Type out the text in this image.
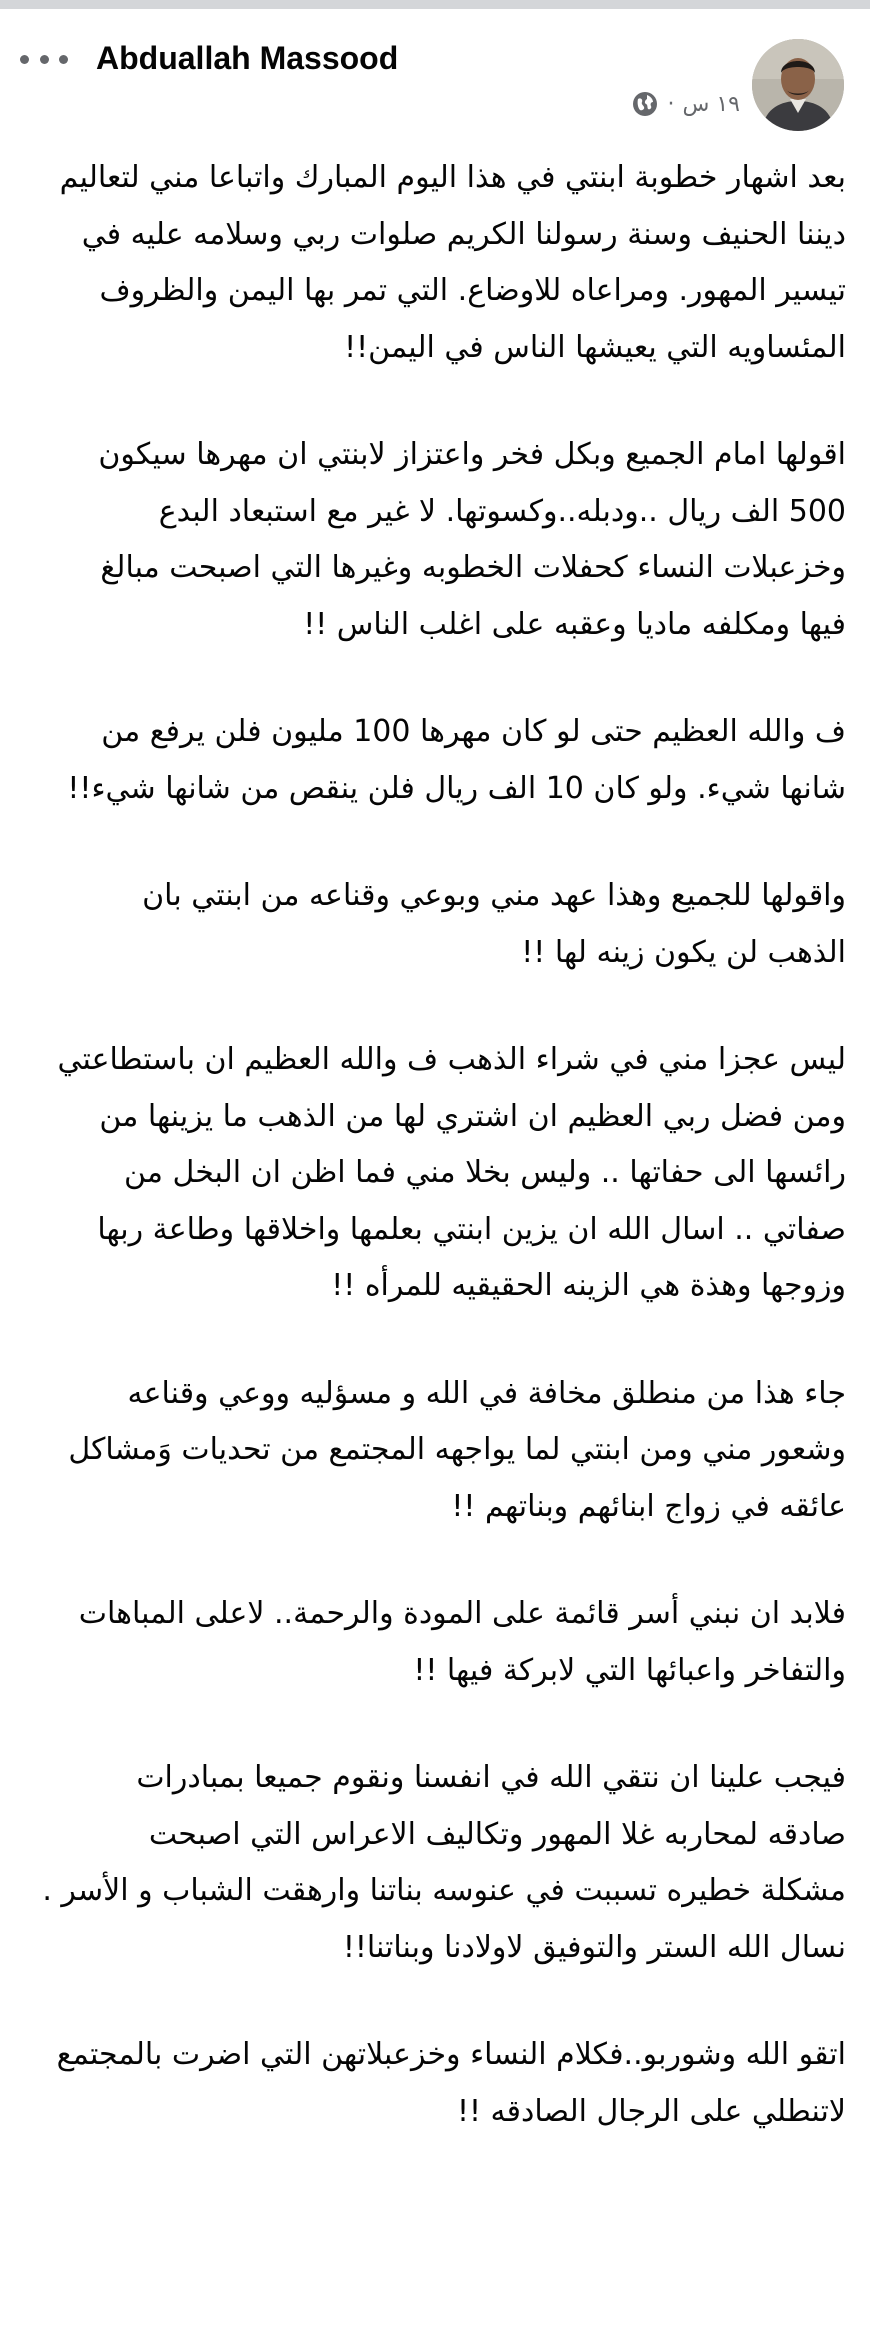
Abduallah Massood
· ١٩ س

بعد اشهار خطوبة ابنتي في هذا اليوم المبارك واتباعا مني لتعاليم
ديننا الحنيف وسنة رسولنا الكريم صلوات ربي وسلامه عليه في
تيسير المهور. ومراعاه للاوضاع. التي تمر بها اليمن والظروف
المئساويه التي يعيشها الناس في اليمن!!

اقولها امام الجميع وبكل فخر واعتزاز لابنتي ان مهرها سيكون
500 الف ريال ..ودبله..وكسوتها. لا غير مع استبعاد البدع
وخزعبلات النساء كحفلات الخطوبه وغيرها التي اصبحت مبالغ
فيها ومكلفه ماديا وعقبه على اغلب الناس !!

ف والله العظيم حتى لو كان مهرها 100 مليون فلن يرفع من
شانها شيء. ولو كان 10 الف ريال فلن ينقص من شانها شيء!!

واقولها للجميع وهذا عهد مني وبوعي وقناعه من ابنتي بان
الذهب لن يكون زينه لها !!

ليس عجزا مني في شراء الذهب ف والله العظيم ان باستطاعتي
ومن فضل ربي العظيم ان اشتري لها من الذهب ما يزينها من
رائسها الى حفاتها .. وليس بخلا مني فما اظن ان البخل من
صفاتي .. اسال الله ان يزين ابنتي بعلمها واخلاقها وطاعة ربها
وزوجها وهذة هي الزينه الحقيقيه للمرأه !!

جاء هذا من منطلق مخافة في الله و مسؤليه ووعي وقناعه
وشعور مني ومن ابنتي لما يواجهه المجتمع من تحديات وَمشاكل
عائقه في زواج ابنائهم وبناتهم !!

فلابد ان نبني أسر قائمة على المودة والرحمة.. لاعلى المباهات
والتفاخر واعبائها التي لابركة فيها !!

فيجب علينا ان نتقي الله في انفسنا ونقوم جميعا بمبادرات
صادقه لمحاربه غلا المهور وتكاليف الاعراس التي اصبحت
مشكلة خطيره تسببت في عنوسه بناتنا وارهقت الشباب و الأسر .
نسال الله الستر والتوفيق لاولادنا وبناتنا!!

اتقو الله وشوربو..فكلام النساء وخزعبلاتهن التي اضرت بالمجتمع
لاتنطلي على الرجال الصادقه !!
